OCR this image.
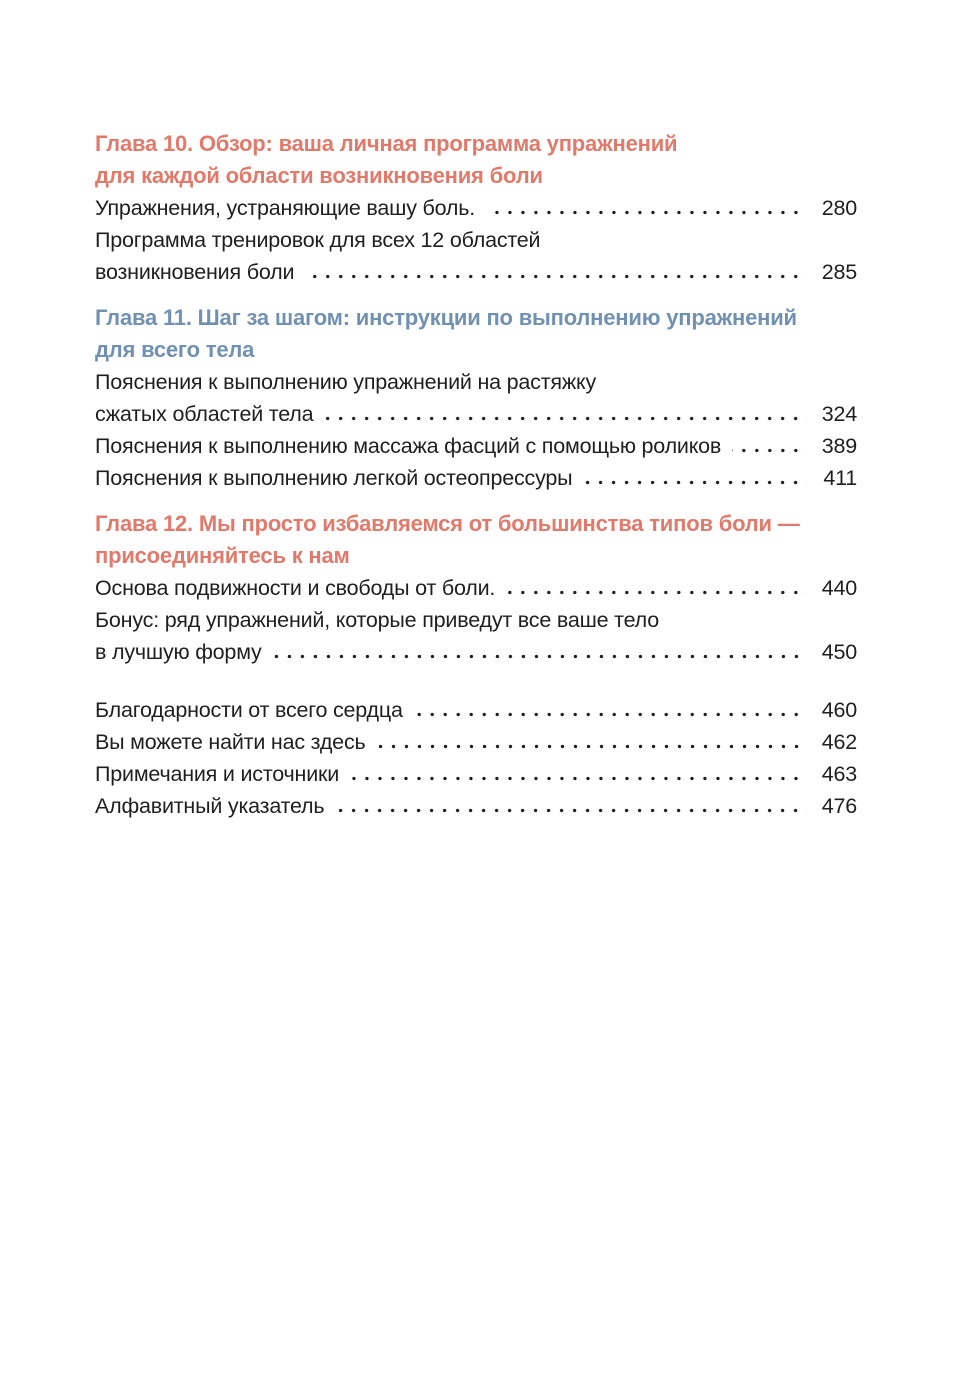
Глава 10. Обзор: ваша личная программа упражнений
для каждой области возникновения боли
Упражнения, устраняющие вашу боль.	280
Программа тренировок для всех 12 областей
возникновения боли	285
Глава 11. Шаг за шагом: инструкции по выполнению упражнений
для всего тела
Пояснения к выполнению упражнений на растяжку
сжатых областей тела	324
Пояснения к выполнению массажа фасций с помощью роликов	389
Пояснения к выполнению легкой остеопрессуры	411
Глава 12. Мы просто избавляемся от большинства типов боли —
присоединяйтесь к нам
Основа подвижности и свободы от боли.	440
Бонус: ряд упражнений, которые приведут все ваше тело
в лучшую форму	450
Благодарности от всего сердца	460
Вы можете найти нас здесь	462
Примечания и источники	463
Алфавитный указатель	476
